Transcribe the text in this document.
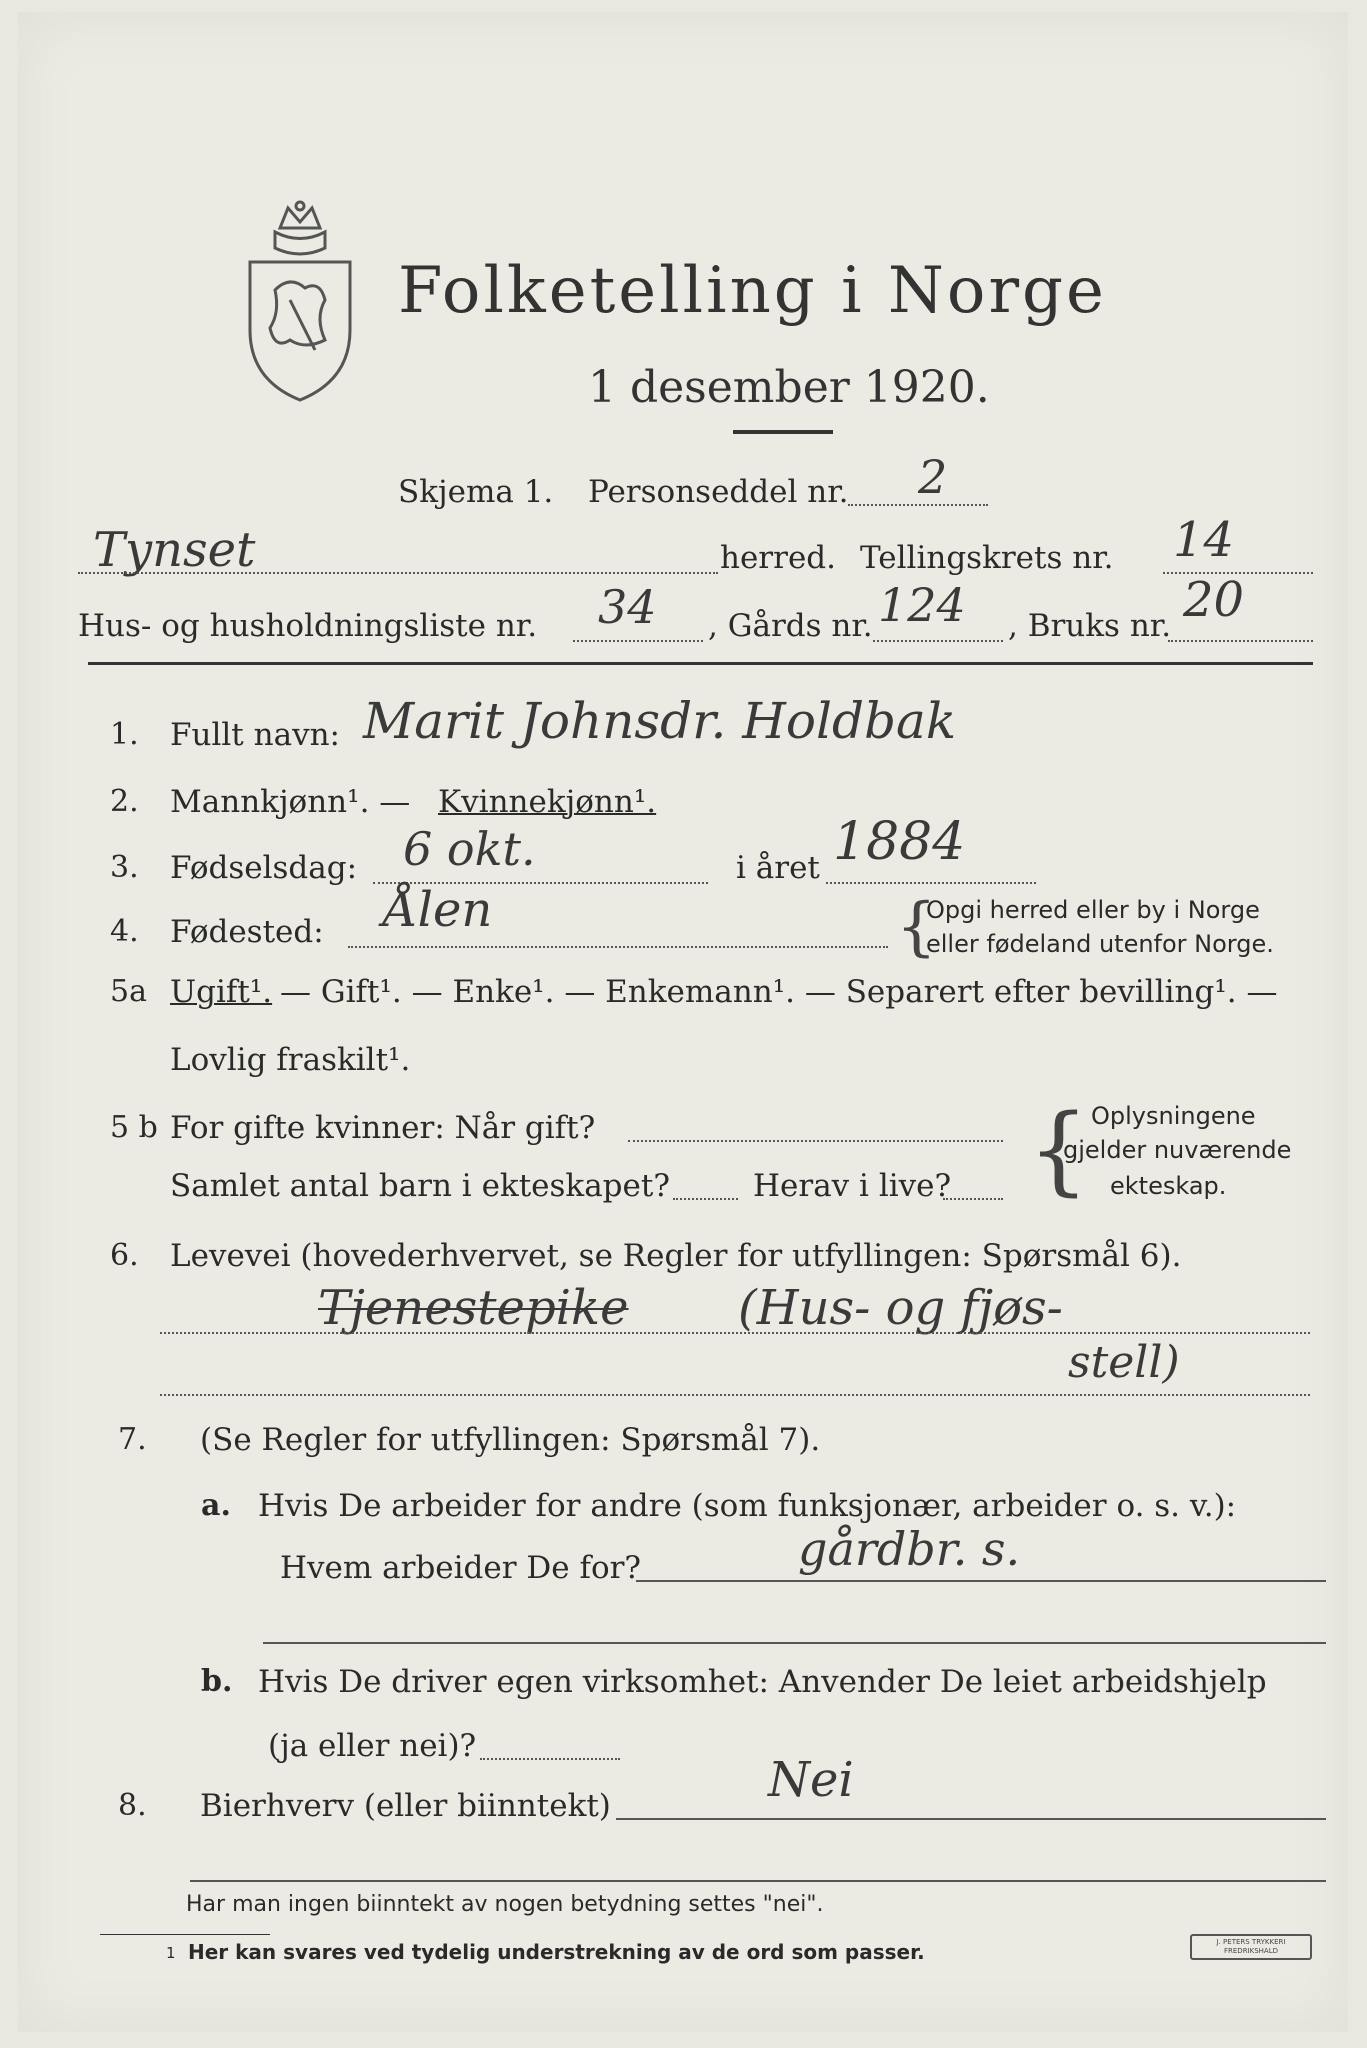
Folketelling i Norge
1 desember 1920.
Skjema 1. Personseddel nr. 2
Tynset	herred. Tellingskrets nr. 14
Hus- og husholdningsliste nr. 34 , Gårds nr. 124 , Bruks nr. 20
1. Fullt navn: Marit Johnsdr. Holdbak
2. Mannkjønn¹. — Kvinnekjønn¹.
3. Fødselsdag: 6 okt.	i året 1884
4. Fødested: Ålen	{
Opgi herred eller by i Norge
eller fødeland utenfor Norge.
5a Ugift¹. — Gift¹. — Enke¹. — Enkemann¹. — Separert efter bevilling¹. —
Lovlig fraskilt¹.
5 b For gifte kvinner: Når gift?
Samlet antal barn i ekteskapet?	Herav i live? { Oplysningene
gjelder nuværende
ekteskap.
6. Levevei (hovederhvervet, se Regler for utfyllingen: Spørsmål 6).
Tjenestepike (Hus- og fjøs-
stell)
7. (Se Regler for utfyllingen: Spørsmål 7).
a. Hvis De arbeider for andre (som funksjonær, arbeider o. s. v.):
Hvem arbeider De for?	gårdbr. s.
b. Hvis De driver egen virksomhet: Anvender De leiet arbeidshjelp
(ja eller nei)?
8. Bierhverv (eller biinntekt)	Nei
Har man ingen biinntekt av nogen betydning settes "nei".
1 Her kan svares ved tydelig understrekning av de ord som passer.	J. PETERS TRYKKERI FREDRIKSHALD
